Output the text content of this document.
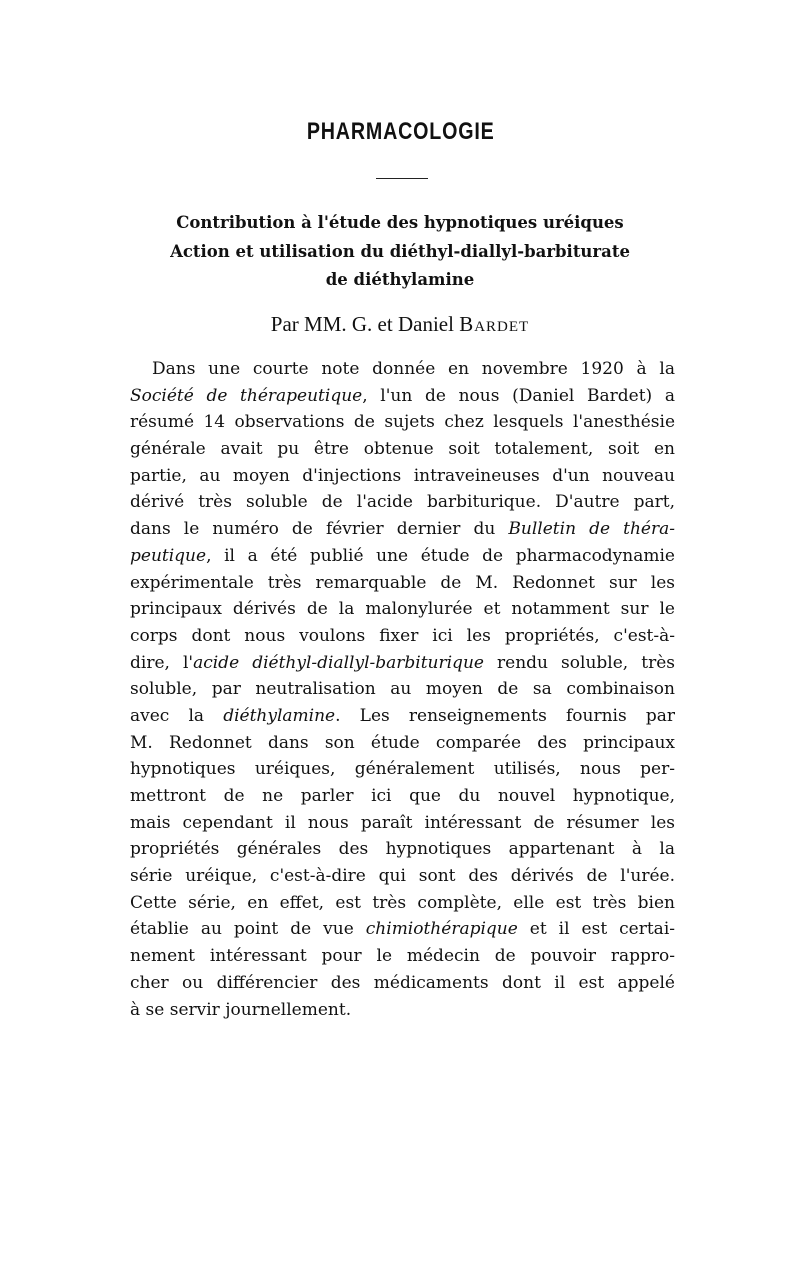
PHARMACOLOGIE
Contribution à l'étude des hypnotiques uréiques
Action et utilisation du diéthyl-diallyl-barbiturate
de diéthylamine

Par MM. G. et Daniel Bardet

Dans une courte note donnée en novembre 1920 à la
Société de thérapeutique, l'un de nous (Daniel Bardet) a
résumé 14 observations de sujets chez lesquels l'anesthésie
générale avait pu être obtenue soit totalement, soit en
partie, au moyen d'injections intraveineuses d'un nouveau
dérivé très soluble de l'acide barbiturique. D'autre part,
dans le numéro de février dernier du Bulletin de théra-
peutique, il a été publié une étude de pharmacodynamie
expérimentale très remarquable de M. Redonnet sur les
principaux dérivés de la malonylurée et notamment sur le
corps dont nous voulons fixer ici les propriétés, c'est-à-
dire, l'acide diéthyl-diallyl-barbiturique rendu soluble, très
soluble, par neutralisation au moyen de sa combinaison
avec la diéthylamine. Les renseignements fournis par
M. Redonnet dans son étude comparée des principaux
hypnotiques uréiques, généralement utilisés, nous per-
mettront de ne parler ici que du nouvel hypnotique,
mais cependant il nous paraît intéressant de résumer les
propriétés générales des hypnotiques appartenant à la
série uréique, c'est-à-dire qui sont des dérivés de l'urée.
Cette série, en effet, est très complète, elle est très bien
établie au point de vue chimiothérapique et il est certai-
nement intéressant pour le médecin de pouvoir rappro-
cher ou différencier des médicaments dont il est appelé
à se servir journellement.
